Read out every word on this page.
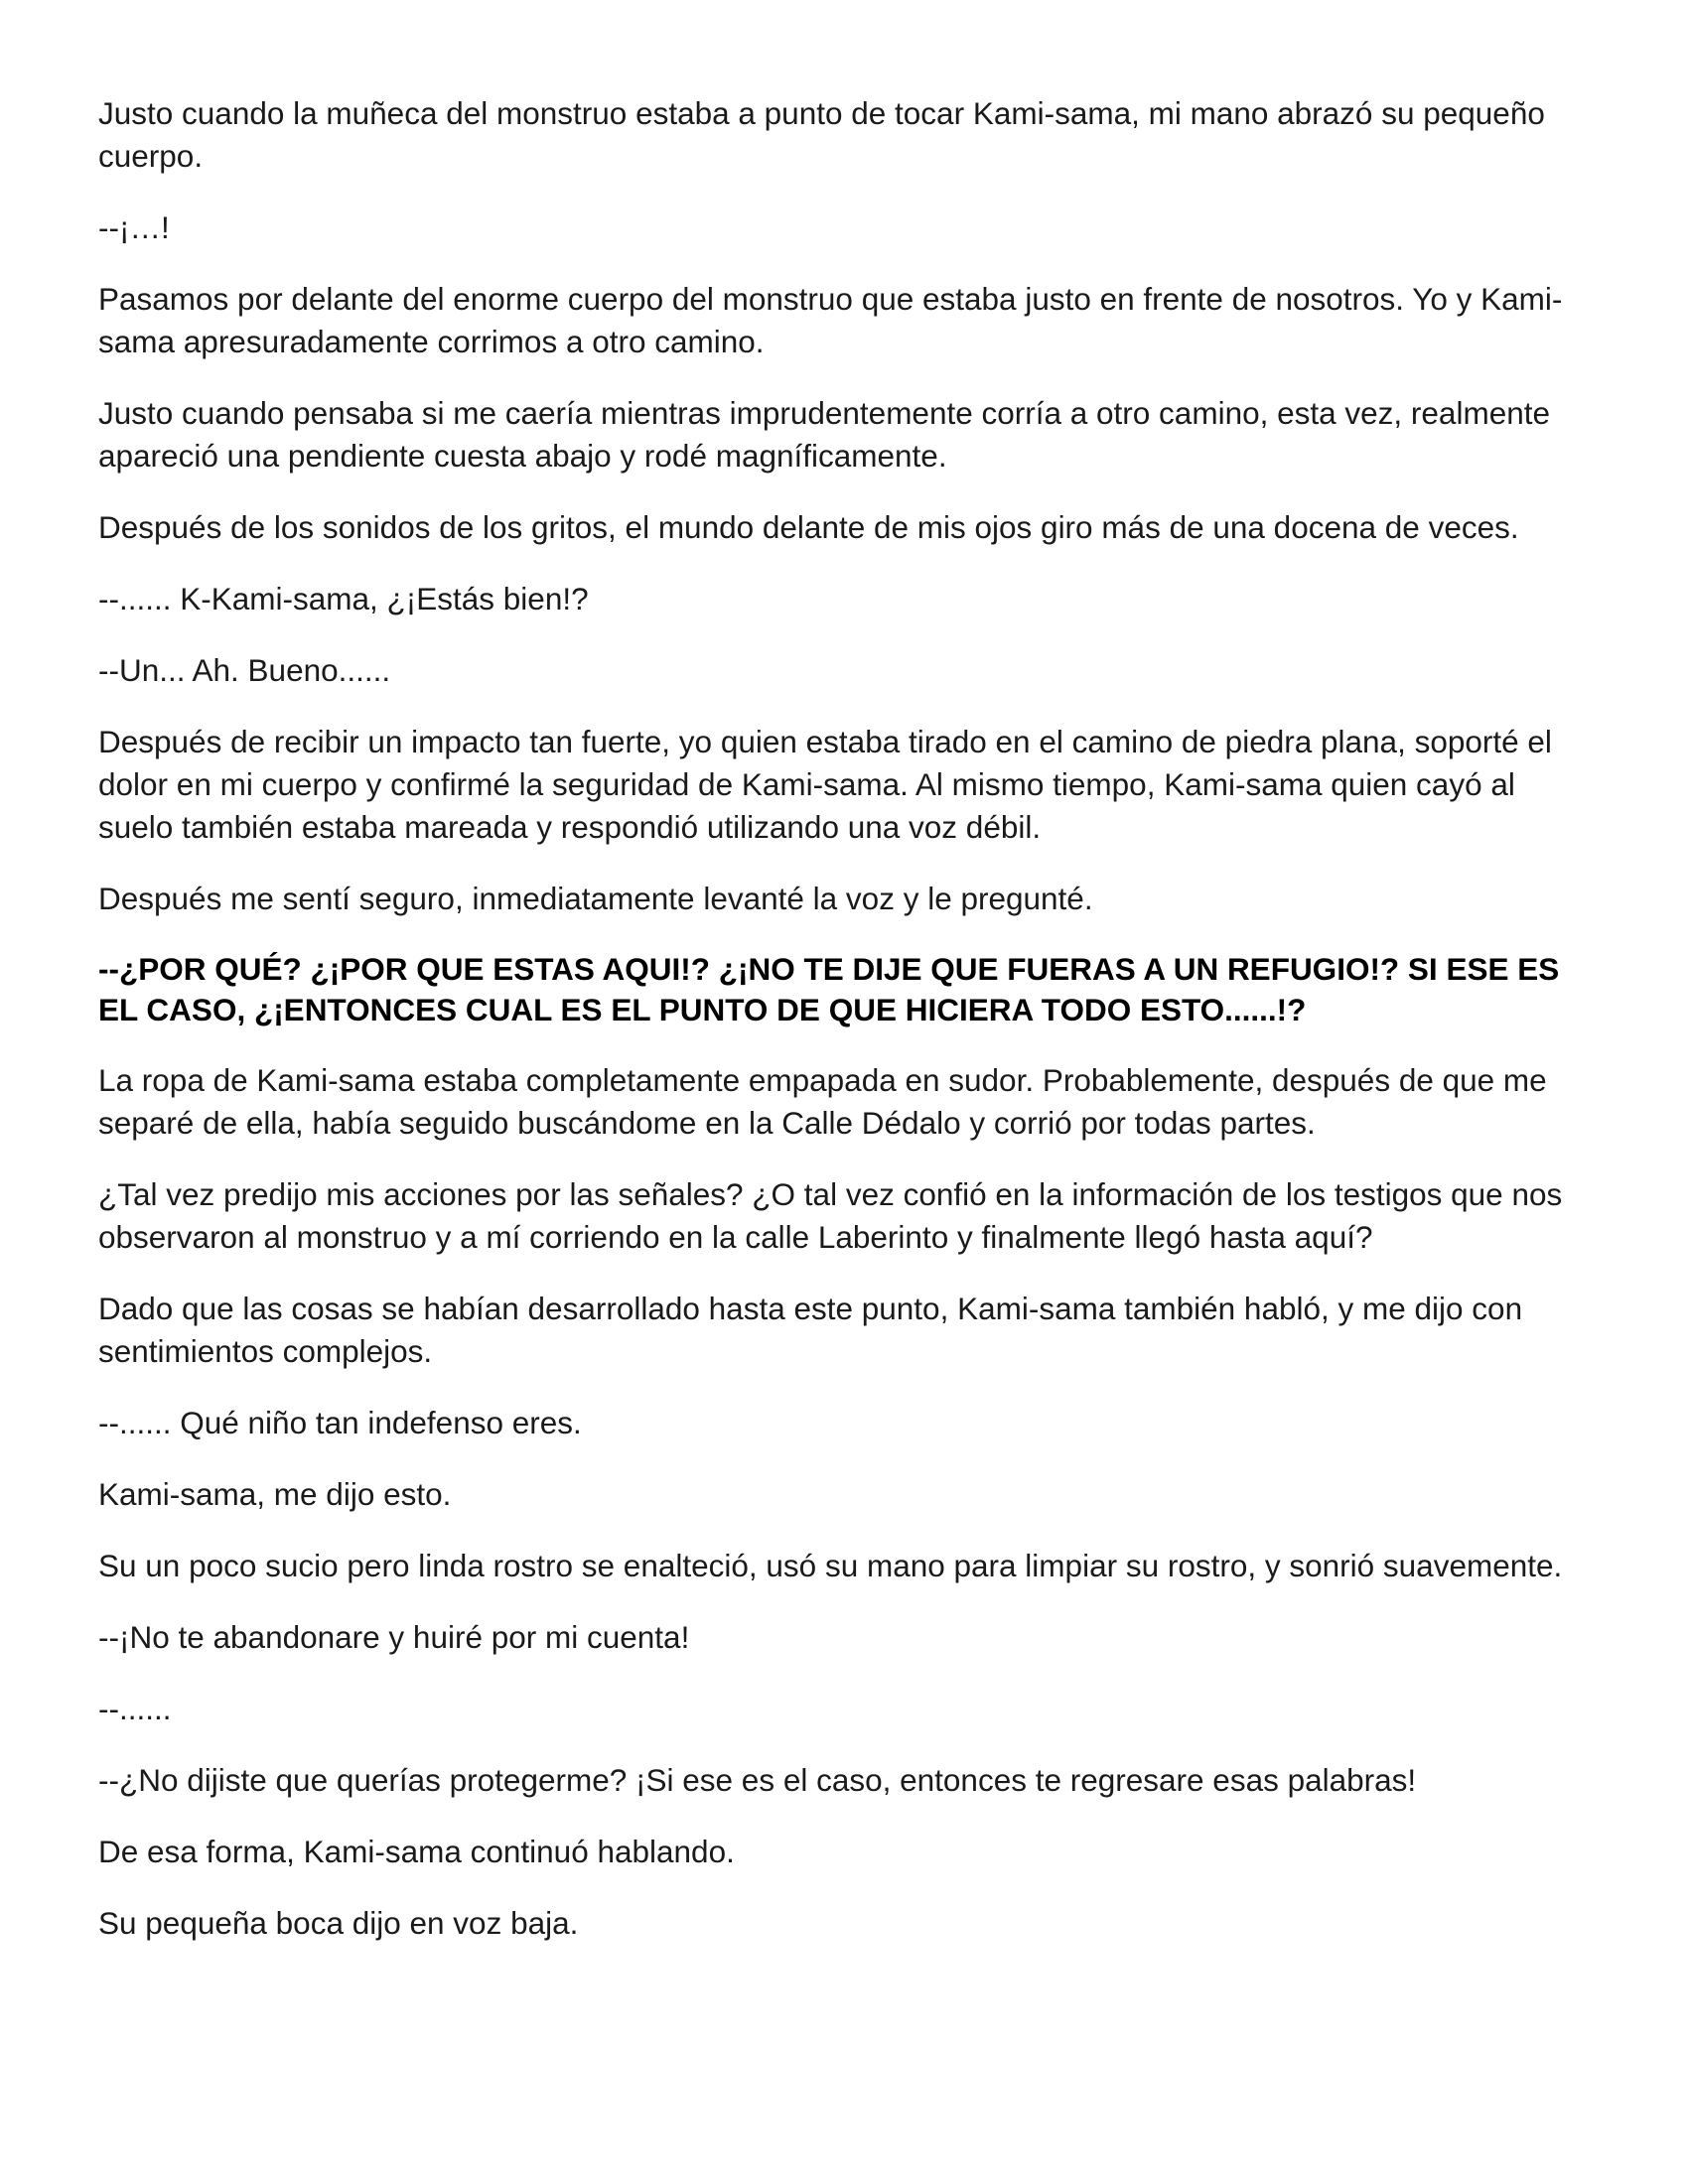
Justo cuando la muñeca del monstruo estaba a punto de tocar Kami-sama, mi mano abrazó su pequeño cuerpo.

--¡…!

Pasamos por delante del enorme cuerpo del monstruo que estaba justo en frente de nosotros. Yo y Kami-sama apresuradamente corrimos a otro camino.

Justo cuando pensaba si me caería mientras imprudentemente corría a otro camino, esta vez, realmente apareció una pendiente cuesta abajo y rodé magníficamente.

Después de los sonidos de los gritos, el mundo delante de mis ojos giro más de una docena de veces.

--...... K-Kami-sama, ¿¡Estás bien!?

--Un... Ah. Bueno......

Después de recibir un impacto tan fuerte, yo quien estaba tirado en el camino de piedra plana, soporté el dolor en mi cuerpo y confirmé la seguridad de Kami-sama. Al mismo tiempo, Kami-sama quien cayó al suelo también estaba mareada y respondió utilizando una voz débil.

Después me sentí seguro, inmediatamente levanté la voz y le pregunté.

--¿POR QUÉ? ¿¡POR QUE ESTAS AQUI!? ¿¡NO TE DIJE QUE FUERAS A UN REFUGIO!? SI ESE ES EL CASO, ¿¡ENTONCES CUAL ES EL PUNTO DE QUE HICIERA TODO ESTO......!?

La ropa de Kami-sama estaba completamente empapada en sudor. Probablemente, después de que me separé de ella, había seguido buscándome en la Calle Dédalo y corrió por todas partes.

¿Tal vez predijo mis acciones por las señales? ¿O tal vez confió en la información de los testigos que nos observaron al monstruo y a mí corriendo en la calle Laberinto y finalmente llegó hasta aquí?

Dado que las cosas se habían desarrollado hasta este punto, Kami-sama también habló, y me dijo con sentimientos complejos.

--...... Qué niño tan indefenso eres.

Kami-sama, me dijo esto.

Su un poco sucio pero linda rostro se enalteció, usó su mano para limpiar su rostro, y sonrió suavemente.

--¡No te abandonare y huiré por mi cuenta!

--......

--¿No dijiste que querías protegerme? ¡Si ese es el caso, entonces te regresare esas palabras!

De esa forma, Kami-sama continuó hablando.

Su pequeña boca dijo en voz baja.
